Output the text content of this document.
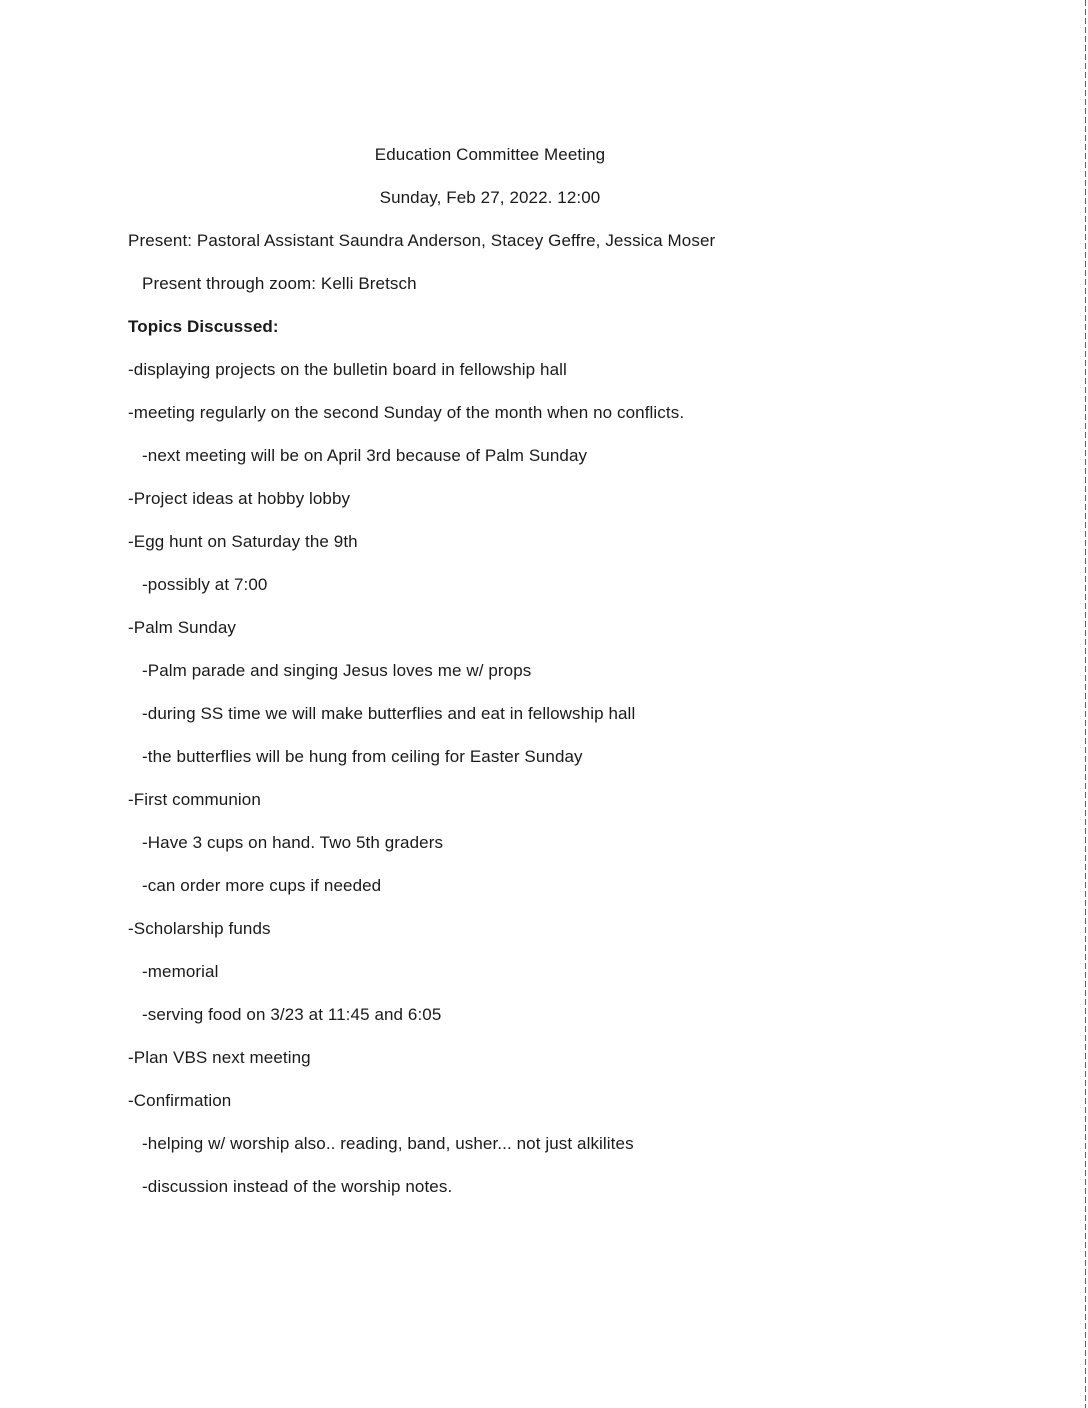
Education Committee Meeting
Sunday, Feb 27, 2022. 12:00
Present: Pastoral Assistant Saundra Anderson, Stacey Geffre, Jessica Moser
Present through zoom: Kelli Bretsch
Topics Discussed:
-displaying projects on the bulletin board in fellowship hall
-meeting regularly on the second Sunday of the month when no conflicts.
-next meeting will be on April 3rd because of Palm Sunday
-Project ideas at hobby lobby
-Egg hunt on Saturday the 9th
-possibly at 7:00
-Palm Sunday
-Palm parade and singing Jesus loves me w/ props
-during SS time we will make butterflies and eat in fellowship hall
-the butterflies will be hung from ceiling for Easter Sunday
-First communion
-Have 3 cups on hand. Two 5th graders
-can order more cups if needed
-Scholarship funds
-memorial
-serving food on 3/23 at 11:45 and 6:05
-Plan VBS next meeting
-Confirmation
-helping w/ worship also.. reading, band, usher... not just alkilites
-discussion instead of the worship notes.
